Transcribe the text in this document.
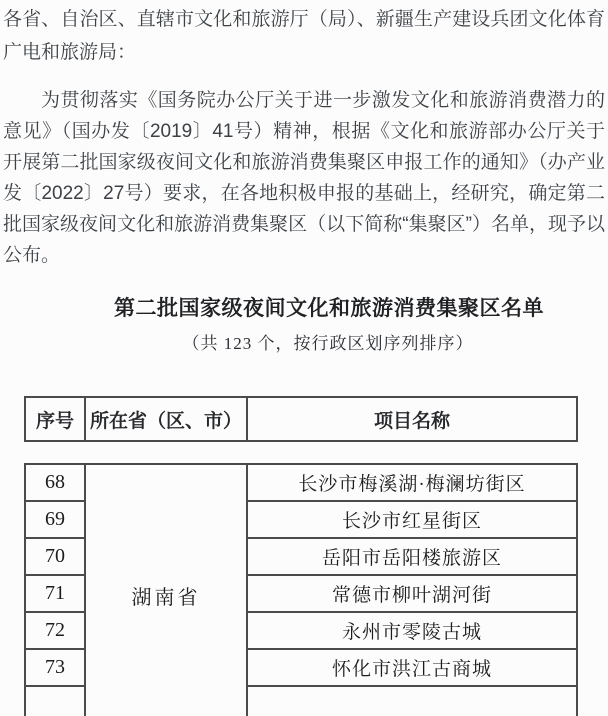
各省、自治区、直辖市文化和旅游厅（局）、新疆生产建设兵团文化体育广电和旅游局：

为贯彻落实《国务院办公厅关于进一步激发文化和旅游消费潜力的意见》（国办发〔2019〕41号）精神，根据《文化和旅游部办公厅关于开展第二批国家级夜间文化和旅游消费集聚区申报工作的通知》（办产业发〔2022〕27号）要求，在各地积极申报的基础上，经研究，确定第二批国家级夜间文化和旅游消费集聚区（以下简称“集聚区”）名单，现予以公布。

第二批国家级夜间文化和旅游消费集聚区名单

（共 123 个，按行政区划序列排序）

序号	所在省（区、市）	项目名称
68	湖南省	长沙市梅溪湖·梅澜坊街区
69		长沙市红星街区
70		岳阳市岳阳楼旅游区
71		常德市柳叶湖河街
72		永州市零陵古城
73		怀化市洪江古商城
